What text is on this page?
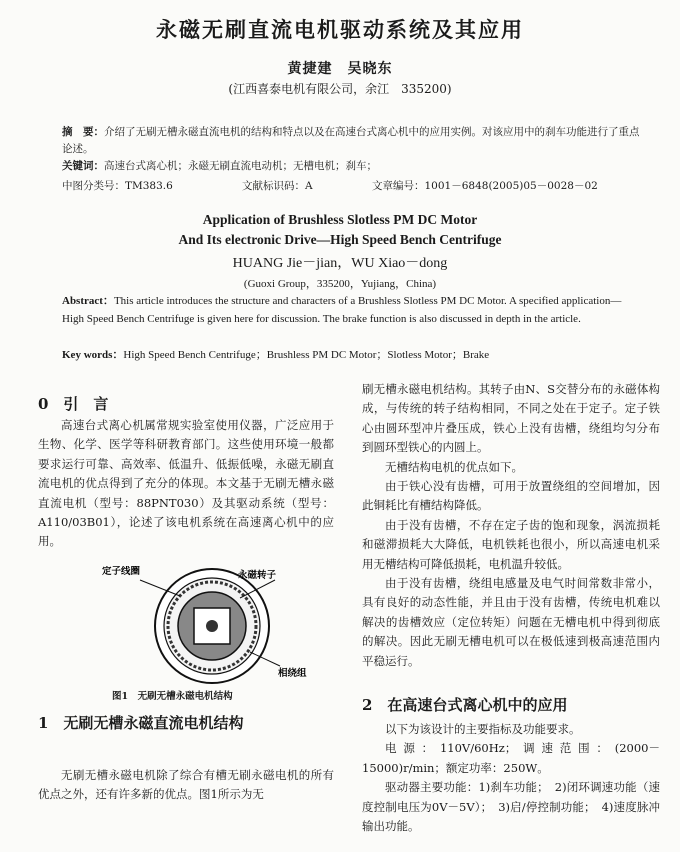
永磁无刷直流电机驱动系统及其应用
黄捷建　吴晓东
(江西喜泰电机有限公司，余江　335200)
摘　要：介绍了无刷无槽永磁直流电机的结构和特点以及在高速台式离心机中的应用实例。对该应用中的刹车功能进行了重点论述。
关键词：高速台式离心机；永磁无刷直流电动机；无槽电机；刹车；
中图分类号：TM383.6	文献标识码：A	文章编号：1001－6848(2005)05－0028－02
Application of Brushless Slotless PM DC Motor
And Its electronic Drive—High Speed Bench Centrifuge
HUANG Jie－jian，WU Xiao－dong
(Guoxi Group，335200，Yujiang，China)
Abstract：This article introduces the structure and characters of a Brushless Slotless PM DC Motor. A specified application—High Speed Bench Centrifuge is given here for discussion. The brake function is also discussed in depth in the article.
Key words：High Speed Bench Centrifuge；Brushless PM DC Motor；Slotless Motor；Brake
0　引　言

高速台式离心机属常规实验室使用仪器，广泛应用于生物、化学、医学等科研教育部门。这些使用环境一般都要求运行可靠、高效率、低温升、低振低噪，永磁无刷直流电机的优点得到了充分的体现。本文基于无刷无槽永磁直流电机（型号：88PNT030）及其驱动系统（型号：A110/03B01），论述了该电机系统在高速离心机中的应用。

定子线圈	永磁转子
相绕组
图1　无刷无槽永磁电机结构
1　无刷无槽永磁直流电机结构

无刷无槽永磁电机除了综合有槽无刷永磁电机的所有优点之外，还有许多新的优点。图1所示为无

刷无槽永磁电机结构。其转子由N、S交替分布的永磁体构成，与传统的转子结构相同，不同之处在于定子。定子铁心由圆环型冲片叠压成，铁心上没有齿槽，绕组均匀分布到圆环型铁心的内圆上。

无槽结构电机的优点如下。

由于铁心没有齿槽，可用于放置绕组的空间增加，因此铜耗比有槽结构降低。

由于没有齿槽，不存在定子齿的饱和现象，涡流损耗和磁滞损耗大大降低，电机铁耗也很小，所以高速电机采用无槽结构可降低损耗，电机温升较低。

由于没有齿槽，绕组电感量及电气时间常数非常小，具有良好的动态性能，并且由于没有齿槽，传统电机难以解决的齿槽效应（定位转矩）问题在无槽电机中得到彻底的解决。因此无刷无槽电机可以在极低速到极高速范围内平稳运行。

2　在高速台式离心机中的应用

以下为该设计的主要指标及功能要求。

电源：110V/60Hz；调速范围：(2000－15000)r/min；额定功率：250W。

驱动器主要功能：1)刹车功能；　2)闭环调速功能（速度控制电压为0V－5V）；　3)启/停控制功能；　4)速度脉冲输出功能。
